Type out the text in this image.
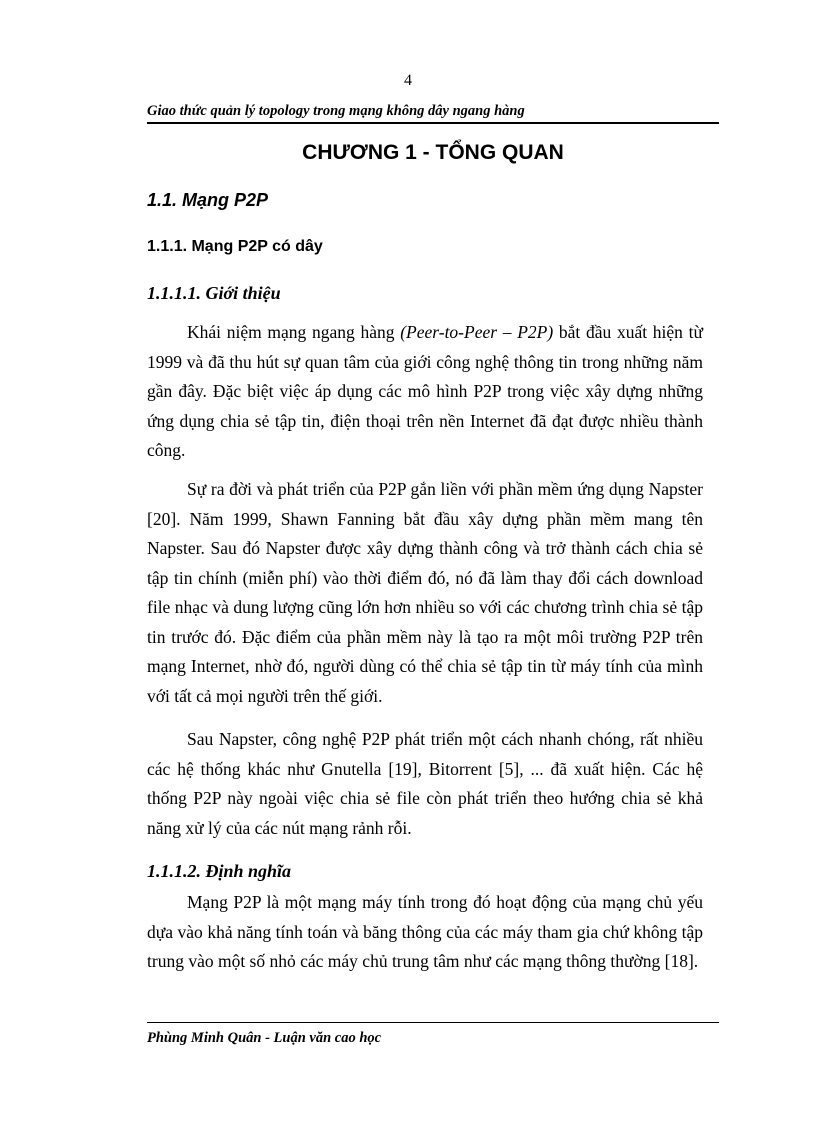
4
Giao thức quản lý topology trong mạng không dây ngang hàng
CHƯƠNG 1 - TỔNG QUAN
1.1. Mạng P2P
1.1.1. Mạng P2P có dây
1.1.1.1. Giới thiệu

Khái niệm mạng ngang hàng (Peer-to-Peer – P2P) bắt đầu xuất hiện từ 1999 và đã thu hút sự quan tâm của giới công nghệ thông tin trong những năm gần đây. Đặc biệt việc áp dụng các mô hình P2P trong việc xây dựng những ứng dụng chia sẻ tập tin, điện thoại trên nền Internet đã đạt được nhiều thành công.

Sự ra đời và phát triển của P2P gắn liền với phần mềm ứng dụng Napster [20]. Năm 1999, Shawn Fanning bắt đầu xây dựng phần mềm mang tên Napster. Sau đó Napster được xây dựng thành công và trở thành cách chia sẻ tập tin chính (miễn phí) vào thời điểm đó, nó đã làm thay đổi cách download file nhạc và dung lượng cũng lớn hơn nhiều so với các chương trình chia sẻ tập tin trước đó. Đặc điểm của phần mềm này là tạo ra một môi trường P2P trên mạng Internet, nhờ đó, người dùng có thể chia sẻ tập tin từ máy tính của mình với tất cả mọi người trên thế giới.

Sau Napster, công nghệ P2P phát triển một cách nhanh chóng, rất nhiều các hệ thống khác như Gnutella [19], Bitorrent [5], ... đã xuất hiện. Các hệ thống P2P này ngoài việc chia sẻ file còn phát triển theo hướng chia sẻ khả năng xử lý của các nút mạng rảnh rỗi.

1.1.1.2. Định nghĩa

Mạng P2P là một mạng máy tính trong đó hoạt động của mạng chủ yếu dựa vào khả năng tính toán và băng thông của các máy tham gia chứ không tập trung vào một số nhỏ các máy chủ trung tâm như các mạng thông thường [18].

Phùng Minh Quân - Luận văn cao học
